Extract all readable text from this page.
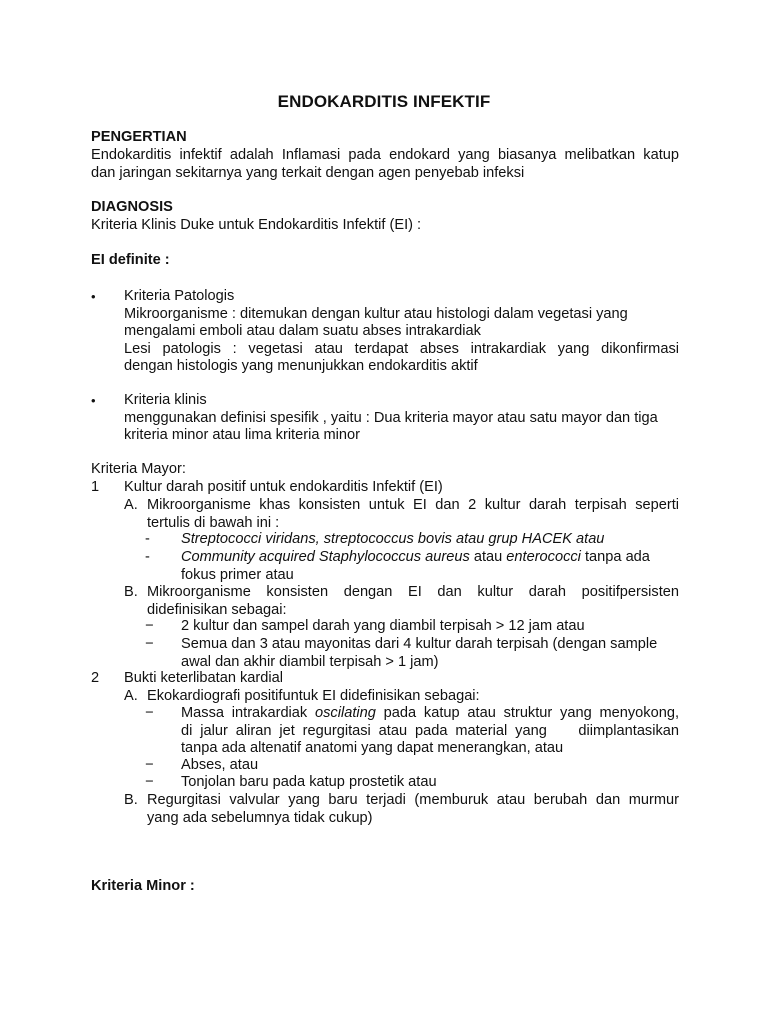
ENDOKARDITIS INFEKTIF
PENGERTIAN
Endokarditis infektif adalah Inflamasi pada endokard yang biasanya melibatkan katup
dan jaringan sekitarnya yang terkait dengan agen penyebab infeksi
DIAGNOSIS
Kriteria Klinis Duke untuk Endokarditis Infektif (EI) :
EI definite :
• Kriteria Patologis
Mikroorganisme : ditemukan dengan kultur atau histologi dalam vegetasi yang
mengalami emboli atau dalam suatu abses intrakardiak
Lesi patologis : vegetasi atau terdapat abses intrakardiak yang dikonfirmasi
dengan histologis yang menunjukkan endokarditis aktif
• Kriteria klinis
menggunakan definisi spesifik , yaitu : Dua kriteria mayor atau satu mayor dan tiga
kriteria minor atau lima kriteria minor
Kriteria Mayor:
1 Kultur darah positif untuk endokarditis Infektif (EI)
A. Mikroorganisme khas konsisten untuk EI dan 2 kultur darah terpisah seperti
tertulis di bawah ini :
- Streptococci viridans, streptococcus bovis atau grup HACEK atau
- Community acquired Staphylococcus aureus atau enterococci tanpa ada
fokus primer atau
B. Mikroorganisme konsisten dengan EI dan kultur darah positifpersisten
didefinisikan sebagai:
− 2 kultur dan sampel darah yang diambil terpisah > 12 jam atau
− Semua dan 3 atau mayonitas dari 4 kultur darah terpisah (dengan sample
awal dan akhir diambil terpisah > 1 jam)
2 Bukti keterlibatan kardial
A. Ekokardiografi positifuntuk EI didefinisikan sebagai:
− Massa intrakardiak oscilating pada katup atau struktur yang menyokong,
di jalur aliran jet regurgitasi atau pada material yang    diimplantasikan
tanpa ada altenatif anatomi yang dapat menerangkan, atau
− Abses, atau
− Tonjolan baru pada katup prostetik atau
B. Regurgitasi valvular yang baru terjadi (memburuk atau berubah dan murmur
yang ada sebelumnya tidak cukup)
Kriteria Minor :
